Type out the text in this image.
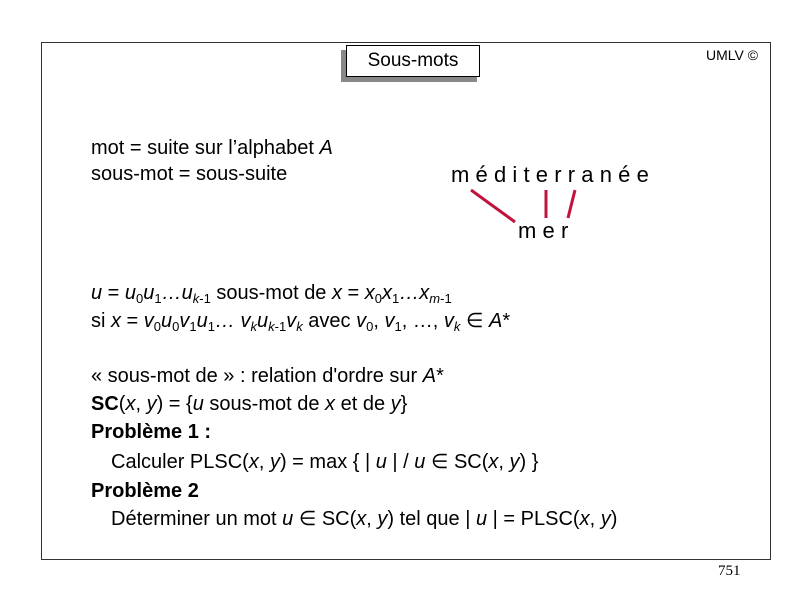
Sous-mots	UMLV ©
mot = suite sur l’alphabet A
sous-mot = sous-suite	méditerranée
mer
$u = u_0u_1\dots u_{k-1}$ sous-mot de $x = x_0x_1\dots x_{m-1}$
si $x = v_0u_0v_1u_1\dots$ $v_ku_{k-1}v_k$ avec $v_0$, $v_1$, …, $v_k$ ∈ A*
« sous-mot de » : relation d'ordre sur A*
SC(x, y) = {u sous-mot de x et de y}
Problème 1 :
Calculer PLSC(x, y) = max { | u | / u ∈ SC(x, y) }
Problème 2
Déterminer un mot u ∈ SC(x, y) tel que | u | = PLSC(x, y)
751
